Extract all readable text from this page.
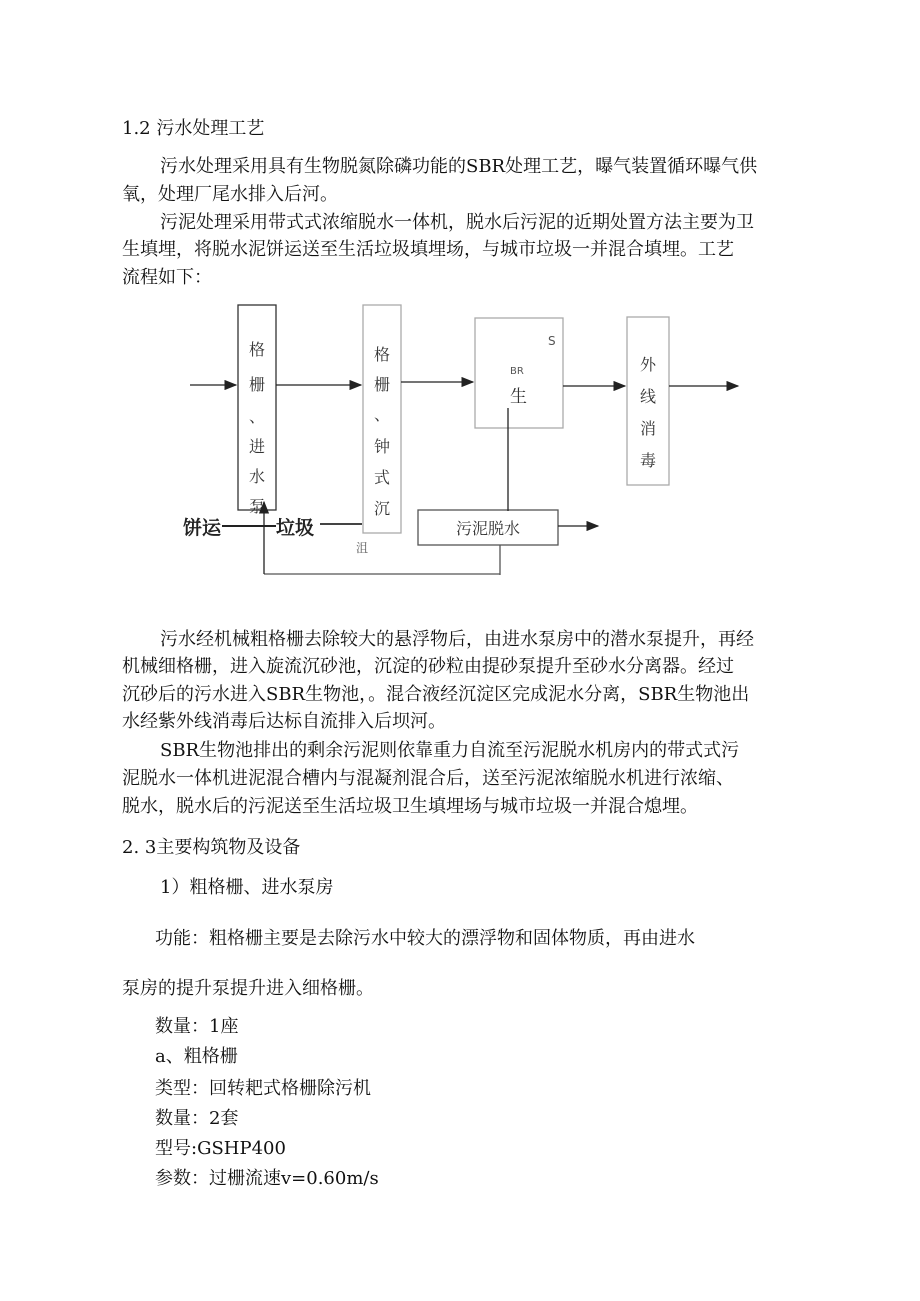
1.2 污水处理工艺
污水处理采用具有生物脱氮除磷功能的SBR处理工艺，曝气装置循环曝气供
氧，处理厂尾水排入后河。
污泥处理采用带式式浓缩脱水一体机，脱水后污泥的近期处置方法主要为卫
生填埋，将脱水泥饼运送至生活垃圾填埋场，与城市垃圾一并混合填埋。工艺
流程如下：
格
栅
、
进
水
泵
格
栅
、
钟
式
沉
S
BR
生
外
线
消
毒
污泥脱水
饼运	垃圾
沮
污水经机械粗格栅去除较大的悬浮物后，由进水泵房中的潜水泵提升，再经
机械细格栅，进入旋流沉砂池，沉淀的砂粒由提砂泵提升至砂水分离器。经过
沉砂后的污水进入SBR生物池，。混合液经沉淀区完成泥水分离，SBR生物池出
水经紫外线消毒后达标自流排入后坝河。
SBR生物池排出的剩余污泥则依靠重力自流至污泥脱水机房内的带式式污
泥脱水一体机进泥混合槽内与混凝剂混合后，送至污泥浓缩脱水机进行浓缩、
脱水，脱水后的污泥送至生活垃圾卫生填埋场与城市垃圾一并混合熄埋。
2. 3主要构筑物及设备
1）粗格栅、进水泵房
功能：粗格栅主要是去除污水中较大的漂浮物和固体物质，再由进水
泵房的提升泵提升进入细格栅。
数量：1座
a、粗格栅
类型：回转耙式格栅除污机
数量：2套
型号:GSHP400
参数：过栅流速v=0.60m∕s
